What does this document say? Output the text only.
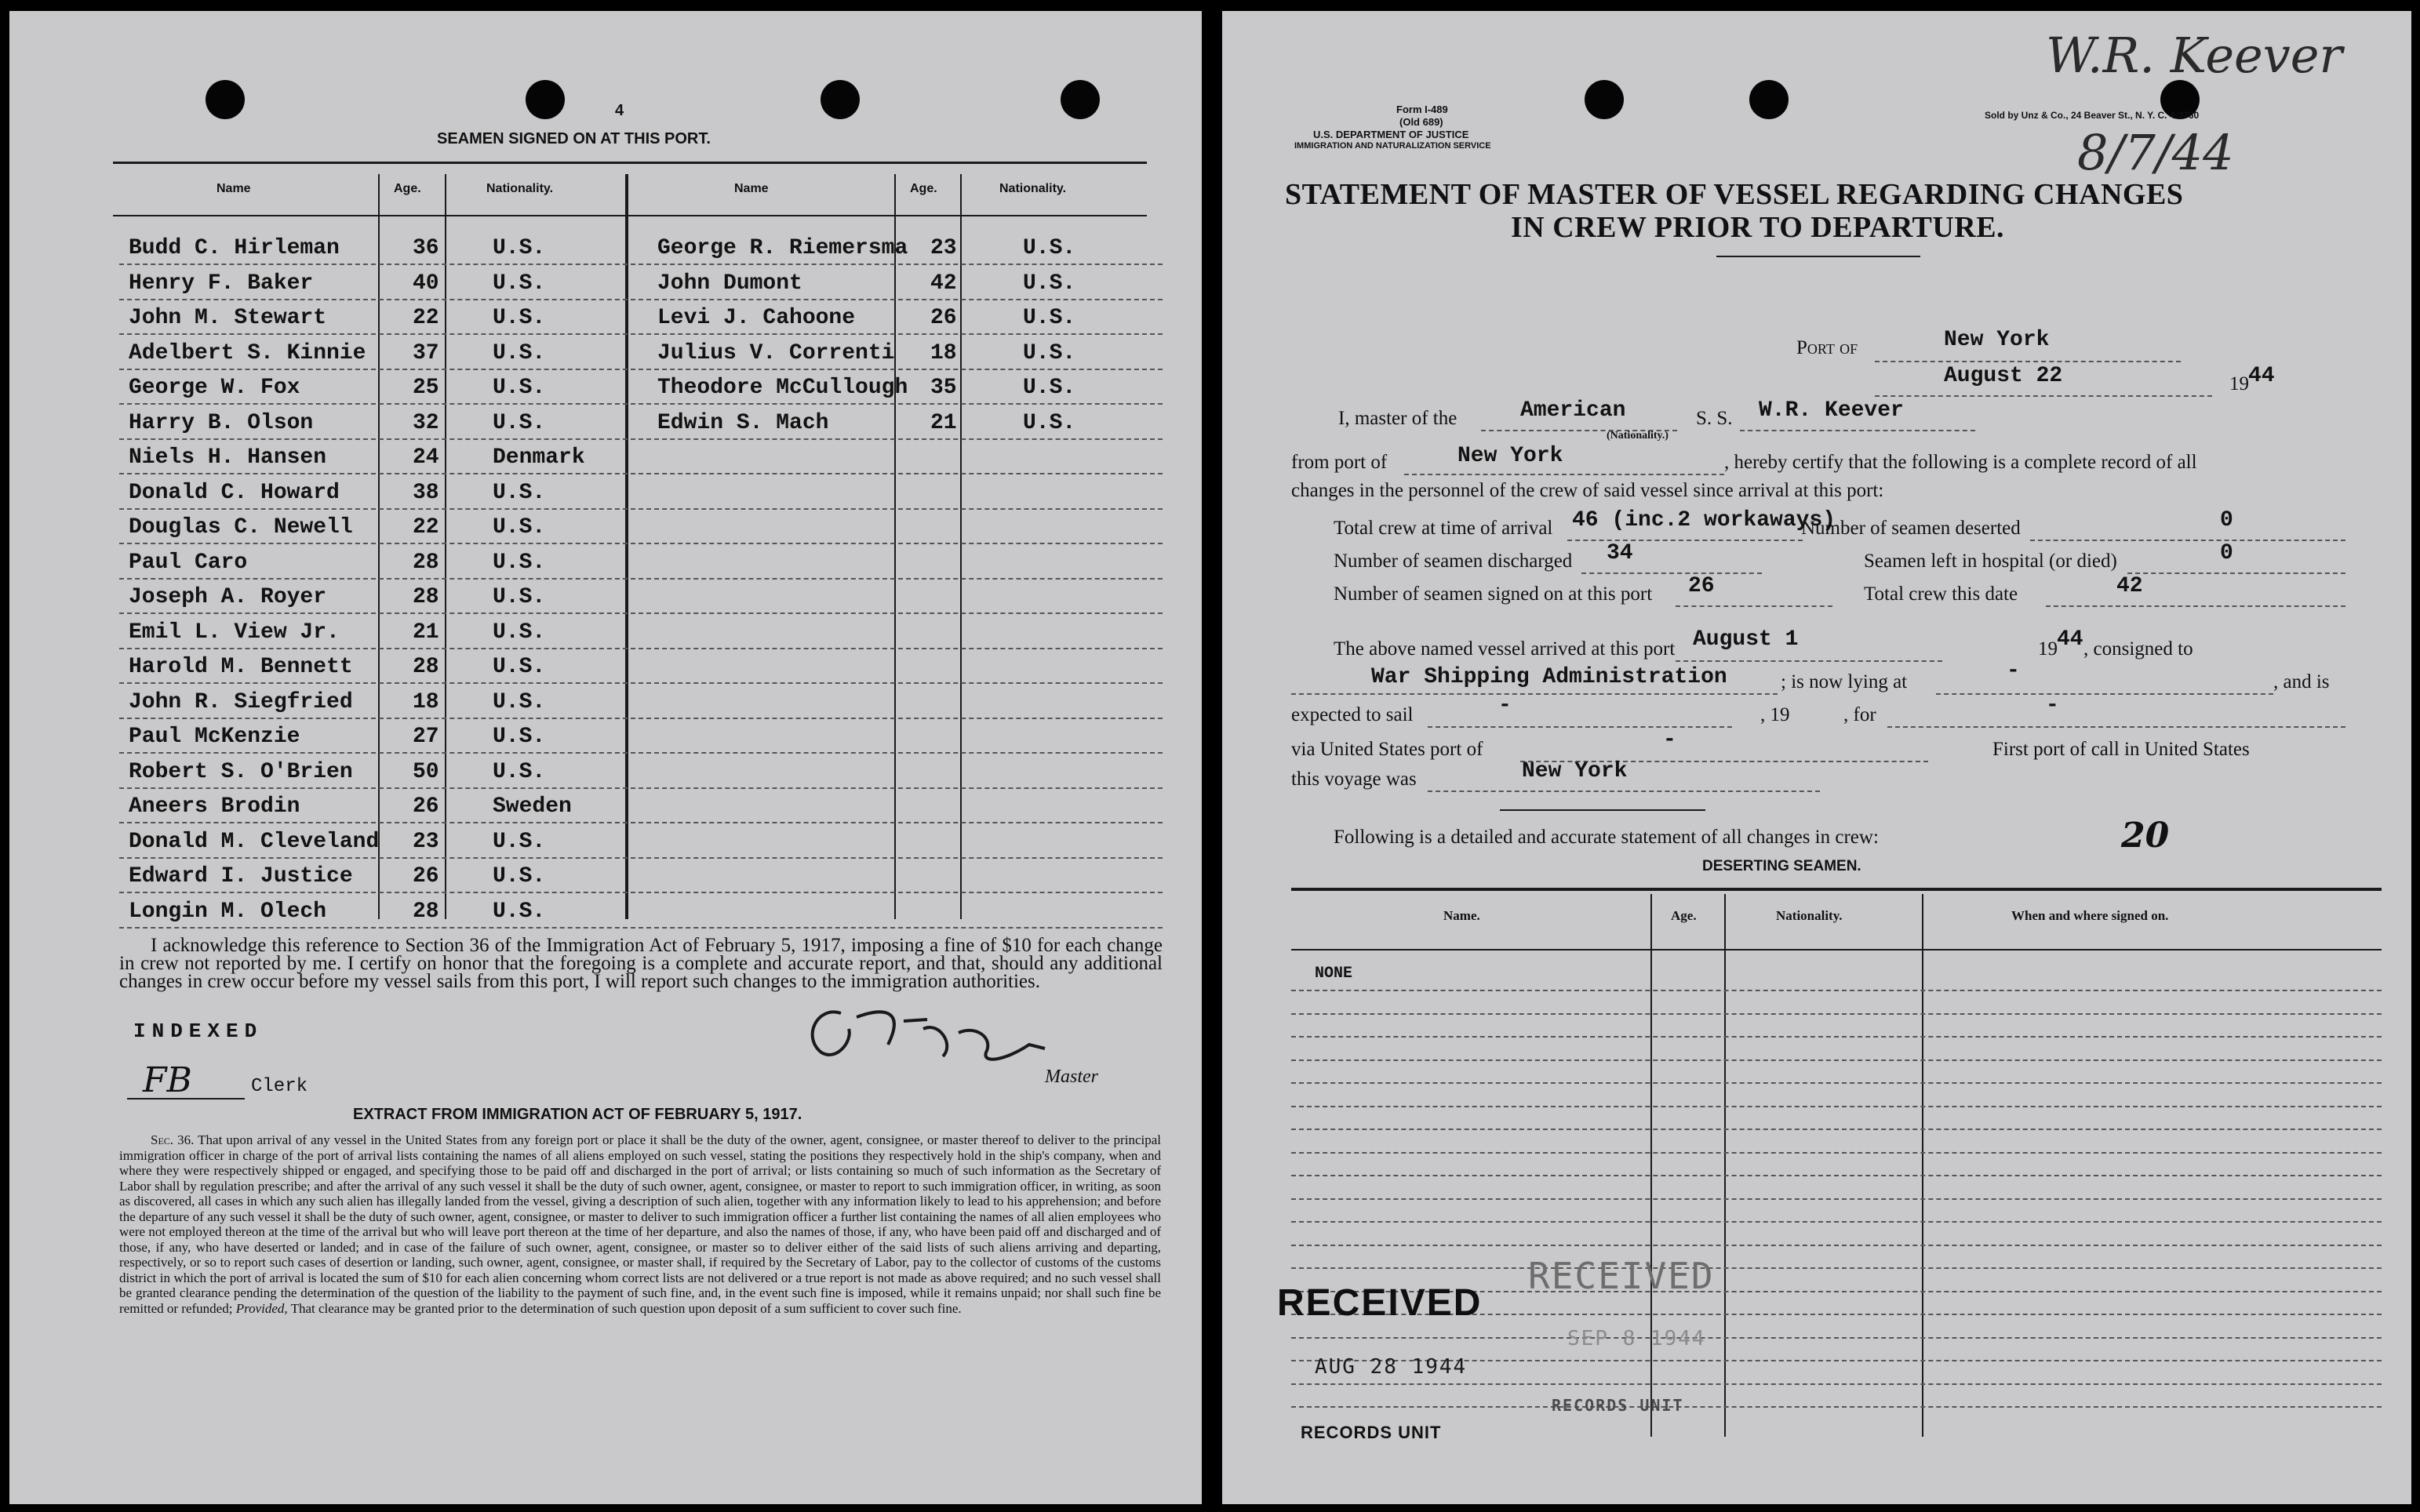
4
SEAMEN SIGNED ON AT THIS PORT.
Name	Age.	Nationality.	Name	Age.	Nationality.
Budd C. Hirleman	36 U.S.	George R. Riemersma 23	U.S.
Henry F. Baker	40 U.S.	John Dumont	42	U.S.
John M. Stewart	22 U.S.	Levi J. Cahoone	26	U.S.
Adelbert S. Kinnie 37 U.S.	Julius V. Correnti 18	U.S.
George W. Fox	25 U.S.	Theodore McCullough 35	U.S.
Harry B. Olson	32 U.S.	Edwin S. Mach	21	U.S.
Niels H. Hansen	24 Denmark
Donald C. Howard	38 U.S.
Douglas C. Newell	22 U.S.
Paul Caro	28 U.S.
Joseph A. Royer	28 U.S.
Emil L. View Jr.	21 U.S.
Harold M. Bennett	28 U.S.
John R. Siegfried	18 U.S.
Paul McKenzie	27 U.S.
Robert S. O'Brien	50 U.S.
Aneers Brodin	26 Sweden
Donald M. Cleveland 23 U.S.
Edward I. Justice	26 U.S.
Longin M. Olech	28 U.S.
I acknowledge this reference to Section 36 of the Immigration Act of February 5, 1917, imposing a fine of $10 for each change in crew not reported by me. I certify on honor that the foregoing is a complete and accurate report, and that, should any additional changes in crew occur before my vessel sails from this port, I will report such changes to the immigration authorities.
INDEXED
FB	Clerk	Master
EXTRACT FROM IMMIGRATION ACT OF FEBRUARY 5, 1917.
Sec. 36. That upon arrival of any vessel in the United States from any foreign port or place it shall be the duty of the owner, agent, consignee, or master thereof to deliver to the principal immigration officer in charge of the port of arrival lists containing the names of all aliens employed on such vessel, stating the positions they respectively hold in the ship's company, when and where they were respectively shipped or engaged, and specifying those to be paid off and discharged in the port of arrival; or lists containing so much of such information as the Secretary of Labor shall by regulation prescribe; and after the arrival of any such vessel it shall be the duty of such owner, agent, consignee, or master to report to such immigration officer, in writing, as soon as discovered, all cases in which any such alien has illegally landed from the vessel, giving a description of such alien, together with any information likely to lead to his apprehension; and before the departure of any such vessel it shall be the duty of such owner, agent, consignee, or master to deliver to such immigration officer a further list containing the names of all alien employees who were not employed thereon at the time of the arrival but who will leave port thereon at the time of her departure, and also the names of those, if any, who have been paid off and discharged and of those, if any, who have deserted or landed; and in case of the failure of such owner, agent, consignee, or master so to deliver either of the said lists of such aliens arriving and departing, respectively, or so to report such cases of desertion or landing, such owner, agent, consignee, or master shall, if required by the Secretary of Labor, pay to the collector of customs of the customs district in which the port of arrival is located the sum of $10 for each alien concerning whom correct lists are not delivered or a true report is not made as above required; and no such vessel shall be granted clearance pending the determination of the question of the liability to the payment of such fine, and, in the event such fine is imposed, while it remains unpaid; nor shall such fine be remitted or refunded; Provided, That clearance may be granted prior to the determination of such question upon deposit of a sum sufficient to cover such fine.
Form I-489
(Old 689)
U.S. DEPARTMENT OF JUSTICE
IMMIGRATION AND NATURALIZATION SERVICE
Sold by Unz & Co., 24 Beaver St., N. Y. C. 4-3760
W.R. Keever
8/7/44
STATEMENT OF MASTER OF VESSEL REGARDING CHANGES
IN CREW PRIOR TO DEPARTURE.
Port of	New York
August 22	19 44
I, master of the	American
(Nationality.)
S. S. W.R. Keever
from port of	New York	, hereby certify that the following is a complete record of all
changes in the personnel of the crew of said vessel since arrival at this port:
Total crew at time of arrival 46 (inc.2 workaways)
Number of seamen deserted	0
Number of seamen discharged 34	Seamen left in hospital (or died)	0
Number of seamen signed on at this port 26	Total crew this date	42
The above named vessel arrived at this port August 1	19 44 , consigned to
War Shipping Administration	; is now lying at	-	, and is
expected to sail	-	, 19	, for	-
via United States port of	-	First port of call in United States
this voyage was	New York
Following is a detailed and accurate statement of all changes in crew:	20
DESERTING SEAMEN.
Name.	Age.	Nationality.	When and where signed on.
NONE
RECEIVED
RECEIVED
SEP 8 1944
AUG 28 1944
RECORDS UNIT
RECORDS UNIT
